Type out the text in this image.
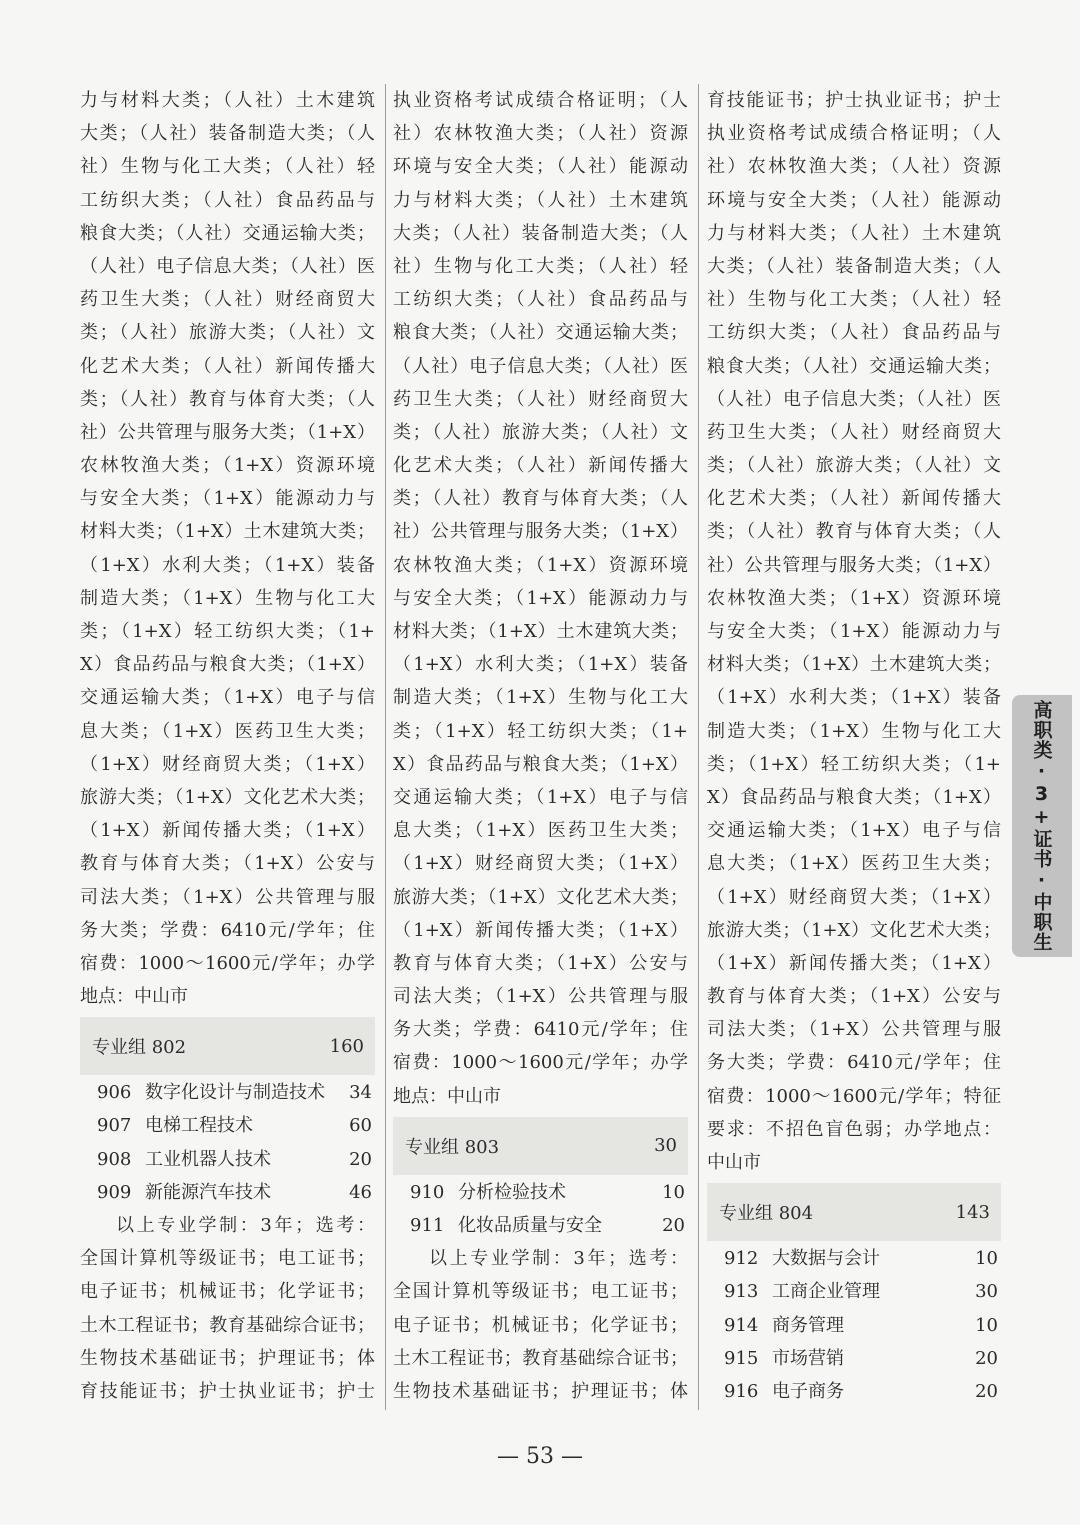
力与材料大类；（人社）土木建筑
大类；（人社）装备制造大类；（人
社）生物与化工大类；（人社）轻
工纺织大类；（人社）食品药品与
粮食大类；（人社）交通运输大类；
（人社）电子信息大类；（人社）医
药卫生大类；（人社）财经商贸大
类；（人社）旅游大类；（人社）文
化艺术大类；（人社）新闻传播大
类；（人社）教育与体育大类；（人
社）公共管理与服务大类；（1+X）
农林牧渔大类；（1+X）资源环境
与安全大类；（1+X）能源动力与
材料大类；（1+X）土木建筑大类；
（1+X）水利大类；（1+X）装备
制造大类；（1+X）生物与化工大
类；（1+X）轻工纺织大类；（1+
X）食品药品与粮食大类；（1+X）
交通运输大类；（1+X）电子与信
息大类；（1+X）医药卫生大类；
（1+X）财经商贸大类；（1+X）
旅游大类；（1+X）文化艺术大类；
（1+X）新闻传播大类；（1+X）
教育与体育大类；（1+X）公安与
司法大类；（1+X）公共管理与服
务大类；学费：6410元/学年；住
宿费：1000～1600元/学年；办学
地点：中山市
专业组 802	160
906 数字化设计与制造技术	34
907 电梯工程技术	60
908 工业机器人技术	20
909 新能源汽车技术	46
以上专业学制：3年；选考：
全国计算机等级证书；电工证书；
电子证书；机械证书；化学证书；
土木工程证书；教育基础综合证书；
生物技术基础证书；护理证书；体
育技能证书；护士执业证书；护士
执业资格考试成绩合格证明；（人
社）农林牧渔大类；（人社）资源
环境与安全大类；（人社）能源动
力与材料大类；（人社）土木建筑
大类；（人社）装备制造大类；（人
社）生物与化工大类；（人社）轻
工纺织大类；（人社）食品药品与
粮食大类；（人社）交通运输大类；
（人社）电子信息大类；（人社）医
药卫生大类；（人社）财经商贸大
类；（人社）旅游大类；（人社）文
化艺术大类；（人社）新闻传播大
类；（人社）教育与体育大类；（人
社）公共管理与服务大类；（1+X）
农林牧渔大类；（1+X）资源环境
与安全大类；（1+X）能源动力与
材料大类；（1+X）土木建筑大类；
（1+X）水利大类；（1+X）装备
制造大类；（1+X）生物与化工大
类；（1+X）轻工纺织大类；（1+
X）食品药品与粮食大类；（1+X）
交通运输大类；（1+X）电子与信
息大类；（1+X）医药卫生大类；
（1+X）财经商贸大类；（1+X）
旅游大类；（1+X）文化艺术大类；
（1+X）新闻传播大类；（1+X）
教育与体育大类；（1+X）公安与
司法大类；（1+X）公共管理与服
务大类；学费：6410元/学年；住
宿费：1000～1600元/学年；办学
地点：中山市
专业组 803	30
910 分析检验技术	10
911 化妆品质量与安全	20
以上专业学制：3年；选考：
全国计算机等级证书；电工证书；
电子证书；机械证书；化学证书；
土木工程证书；教育基础综合证书；
生物技术基础证书；护理证书；体
育技能证书；护士执业证书；护士
执业资格考试成绩合格证明；（人
社）农林牧渔大类；（人社）资源
环境与安全大类；（人社）能源动
力与材料大类；（人社）土木建筑
大类；（人社）装备制造大类；（人
社）生物与化工大类；（人社）轻
工纺织大类；（人社）食品药品与
粮食大类；（人社）交通运输大类；
（人社）电子信息大类；（人社）医
药卫生大类；（人社）财经商贸大
类；（人社）旅游大类；（人社）文
化艺术大类；（人社）新闻传播大
类；（人社）教育与体育大类；（人
社）公共管理与服务大类；（1+X）
农林牧渔大类；（1+X）资源环境
与安全大类；（1+X）能源动力与
材料大类；（1+X）土木建筑大类；
（1+X）水利大类；（1+X）装备
制造大类；（1+X）生物与化工大
类；（1+X）轻工纺织大类；（1+
X）食品药品与粮食大类；（1+X）
交通运输大类；（1+X）电子与信
息大类；（1+X）医药卫生大类；
（1+X）财经商贸大类；（1+X）
旅游大类；（1+X）文化艺术大类；
（1+X）新闻传播大类；（1+X）
教育与体育大类；（1+X）公安与
司法大类；（1+X）公共管理与服
务大类；学费：6410元/学年；住
宿费：1000～1600元/学年；特征
要求：不招色盲色弱；办学地点：
中山市
专业组 804	143
912 大数据与会计	10
913 工商企业管理	30
914 商务管理	10
915 市场营销	20
916 电子商务	20
高职类·3+证书·中职生
— 53 —
